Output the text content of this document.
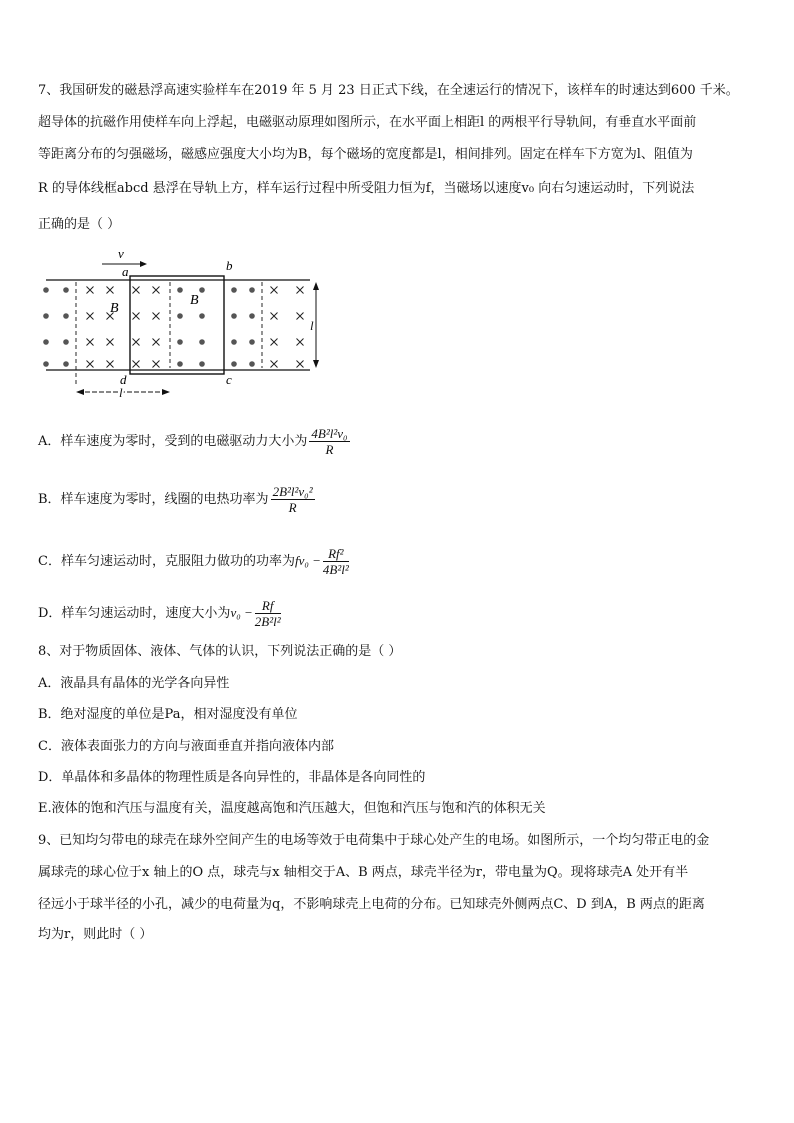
7、我国研发的磁悬浮高速实验样车在2019 年 5 月 23 日正式下线，在全速运行的情况下，该样车的时速达到600 千米。
超导体的抗磁作用使样车向上浮起，电磁驱动原理如图所示，在水平面上相距l 的两根平行导轨间，有垂直水平面前
等距离分布的匀强磁场，磁感应强度大小均为B，每个磁场的宽度都是l，相间排列。固定在样车下方宽为l、阻值为
R 的导体线框abcd 悬浮在导轨上方，样车运行过程中所受阻力恒为f，当磁场以速度v₀ 向右匀速运动时，下列说法
正确的是（ ）
v
a	b
c
d
B
B
l
l
A．样车速度为零时，受到的电磁驱动力大小为 $\frac{\text{4B²l²v₀}}{R}$
B．样车速度为零时，线圈的电热功率为 $\frac{\text{2B²l²v₀²}}{R}$
C．样车匀速运动时，克服阻力做功的功率为$fv_0 - \frac{\text{Rf²}}{\text{4B²l²}}$
D．样车匀速运动时，速度大小为$v_0 - \frac{Rf}{\text{2B²l²}}$
8、对于物质固体、液体、气体的认识，下列说法正确的是（ ）
A．液晶具有晶体的光学各向异性
B．绝对湿度的单位是Pa，相对湿度没有单位
C．液体表面张力的方向与液面垂直并指向液体内部
D．单晶体和多晶体的物理性质是各向异性的，非晶体是各向同性的
E.液体的饱和汽压与温度有关，温度越高饱和汽压越大，但饱和汽压与饱和汽的体积无关
9、已知均匀带电的球壳在球外空间产生的电场等效于电荷集中于球心处产生的电场。如图所示，一个均匀带正电的金
属球壳的球心位于x 轴上的O 点，球壳与x 轴相交于A、B 两点，球壳半径为r，带电量为Q。现将球壳A 处开有半
径远小于球半径的小孔，减少的电荷量为q，不影响球壳上电荷的分布。已知球壳外侧两点C、D 到A，B 两点的距离
均为r，则此时（ ）
